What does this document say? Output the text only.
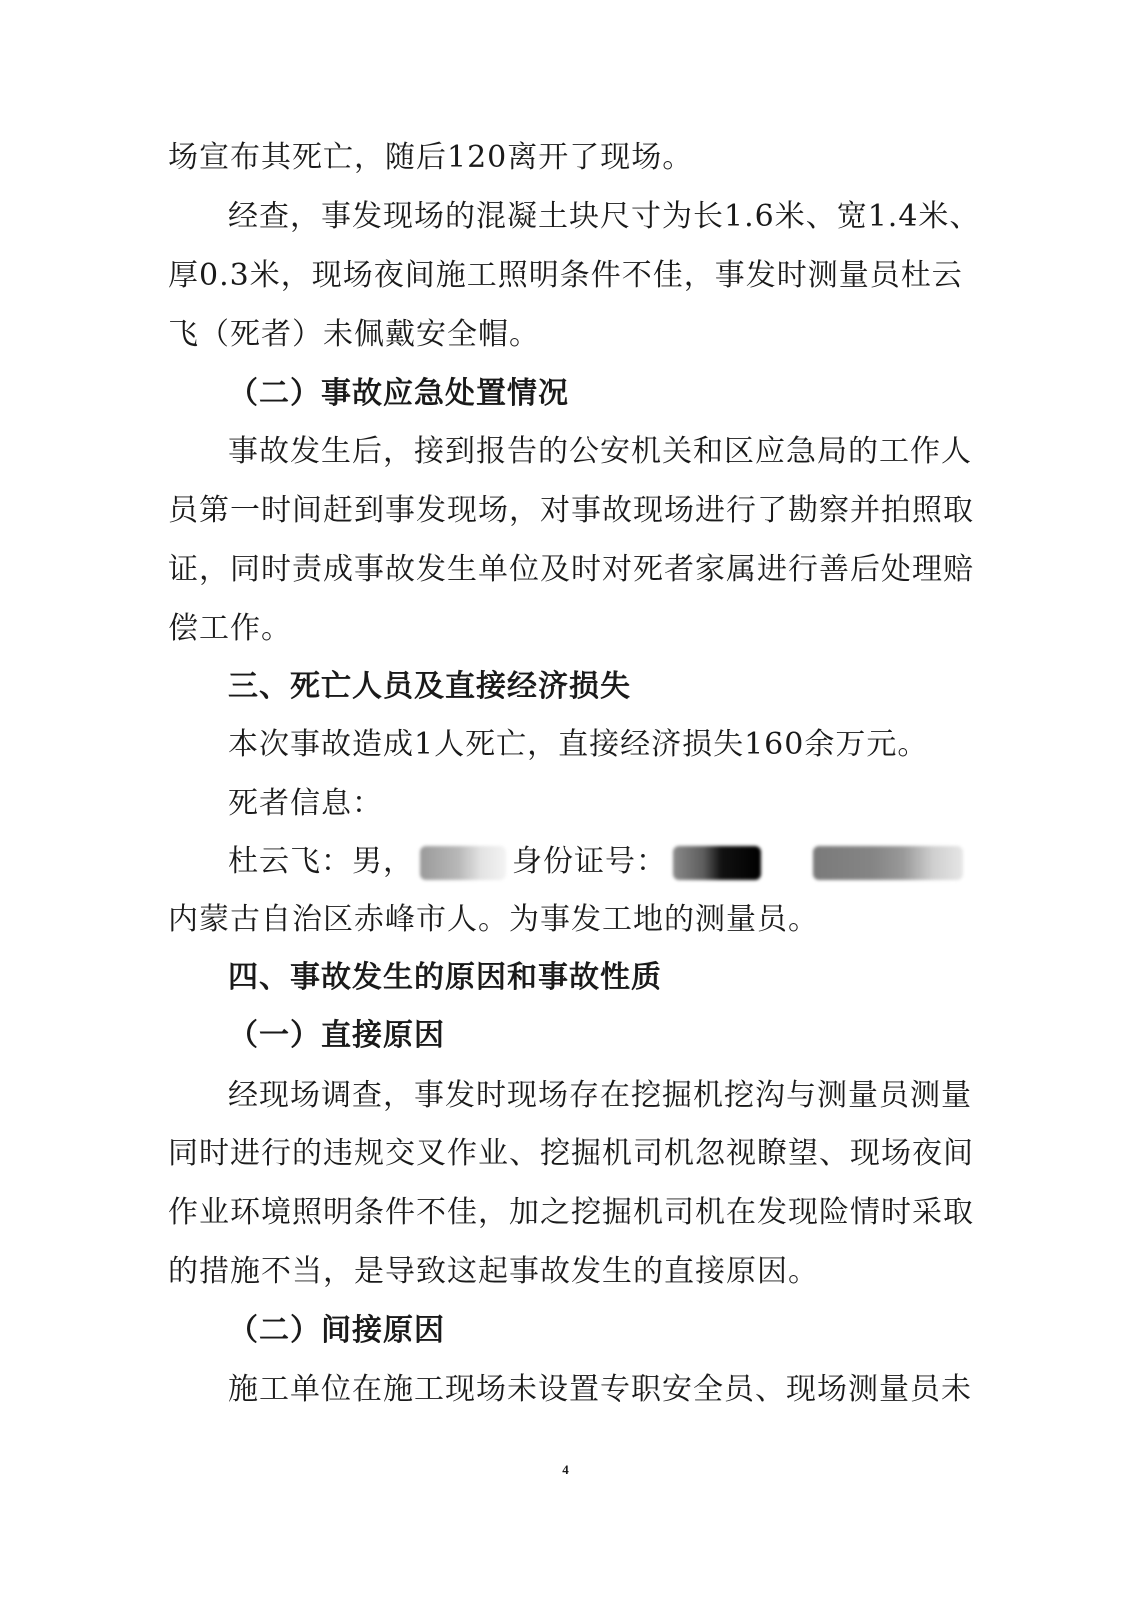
场宣布其死亡，随后120离开了现场。
经查，事发现场的混凝土块尺寸为长1.6米、宽1.4米、
厚0.3米，现场夜间施工照明条件不佳，事发时测量员杜云
飞（死者）未佩戴安全帽。
（二）事故应急处置情况
事故发生后，接到报告的公安机关和区应急局的工作人
员第一时间赶到事发现场，对事故现场进行了勘察并拍照取
证，同时责成事故发生单位及时对死者家属进行善后处理赔
偿工作。
三、死亡人员及直接经济损失
本次事故造成1人死亡，直接经济损失160余万元。
死者信息：
杜云飞：男，	身份证号：
内蒙古自治区赤峰市人。为事发工地的测量员。
四、事故发生的原因和事故性质
（一）直接原因
经现场调查，事发时现场存在挖掘机挖沟与测量员测量
同时进行的违规交叉作业、挖掘机司机忽视瞭望、现场夜间
作业环境照明条件不佳，加之挖掘机司机在发现险情时采取
的措施不当，是导致这起事故发生的直接原因。
（二）间接原因
施工单位在施工现场未设置专职安全员、现场测量员未
4
